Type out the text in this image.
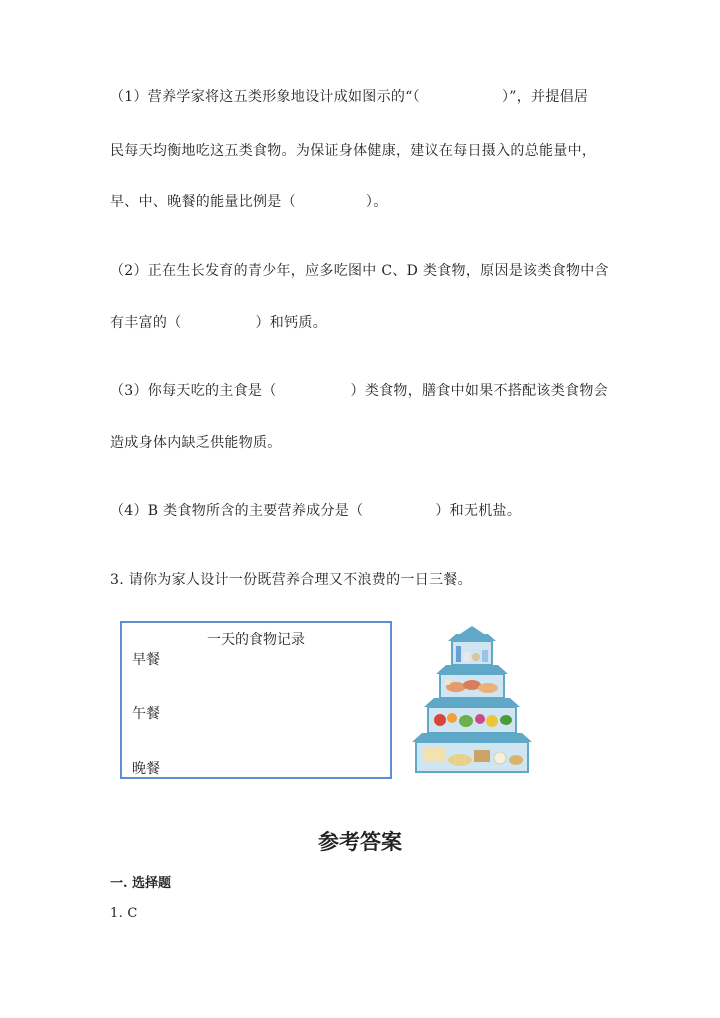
（1）营养学家将这五类形象地设计成如图示的“（	）”，并提倡居
民每天均衡地吃这五类食物。为保证身体健康，建议在每日摄入的总能量中，
早、中、晚餐的能量比例是（	）。
（2）正在生长发育的青少年，应多吃图中 C、D 类食物，原因是该类食物中含
有丰富的（	）和钙质。
（3）你每天吃的主食是（	）类食物，膳食中如果不搭配该类食物会
造成身体内缺乏供能物质。
（4）B 类食物所含的主要营养成分是（	）和无机盐。
3. 请你为家人设计一份既营养合理又不浪费的一日三餐。
一天的食物记录
早餐
午餐
晚餐
参考答案
一. 选择题
1. C
